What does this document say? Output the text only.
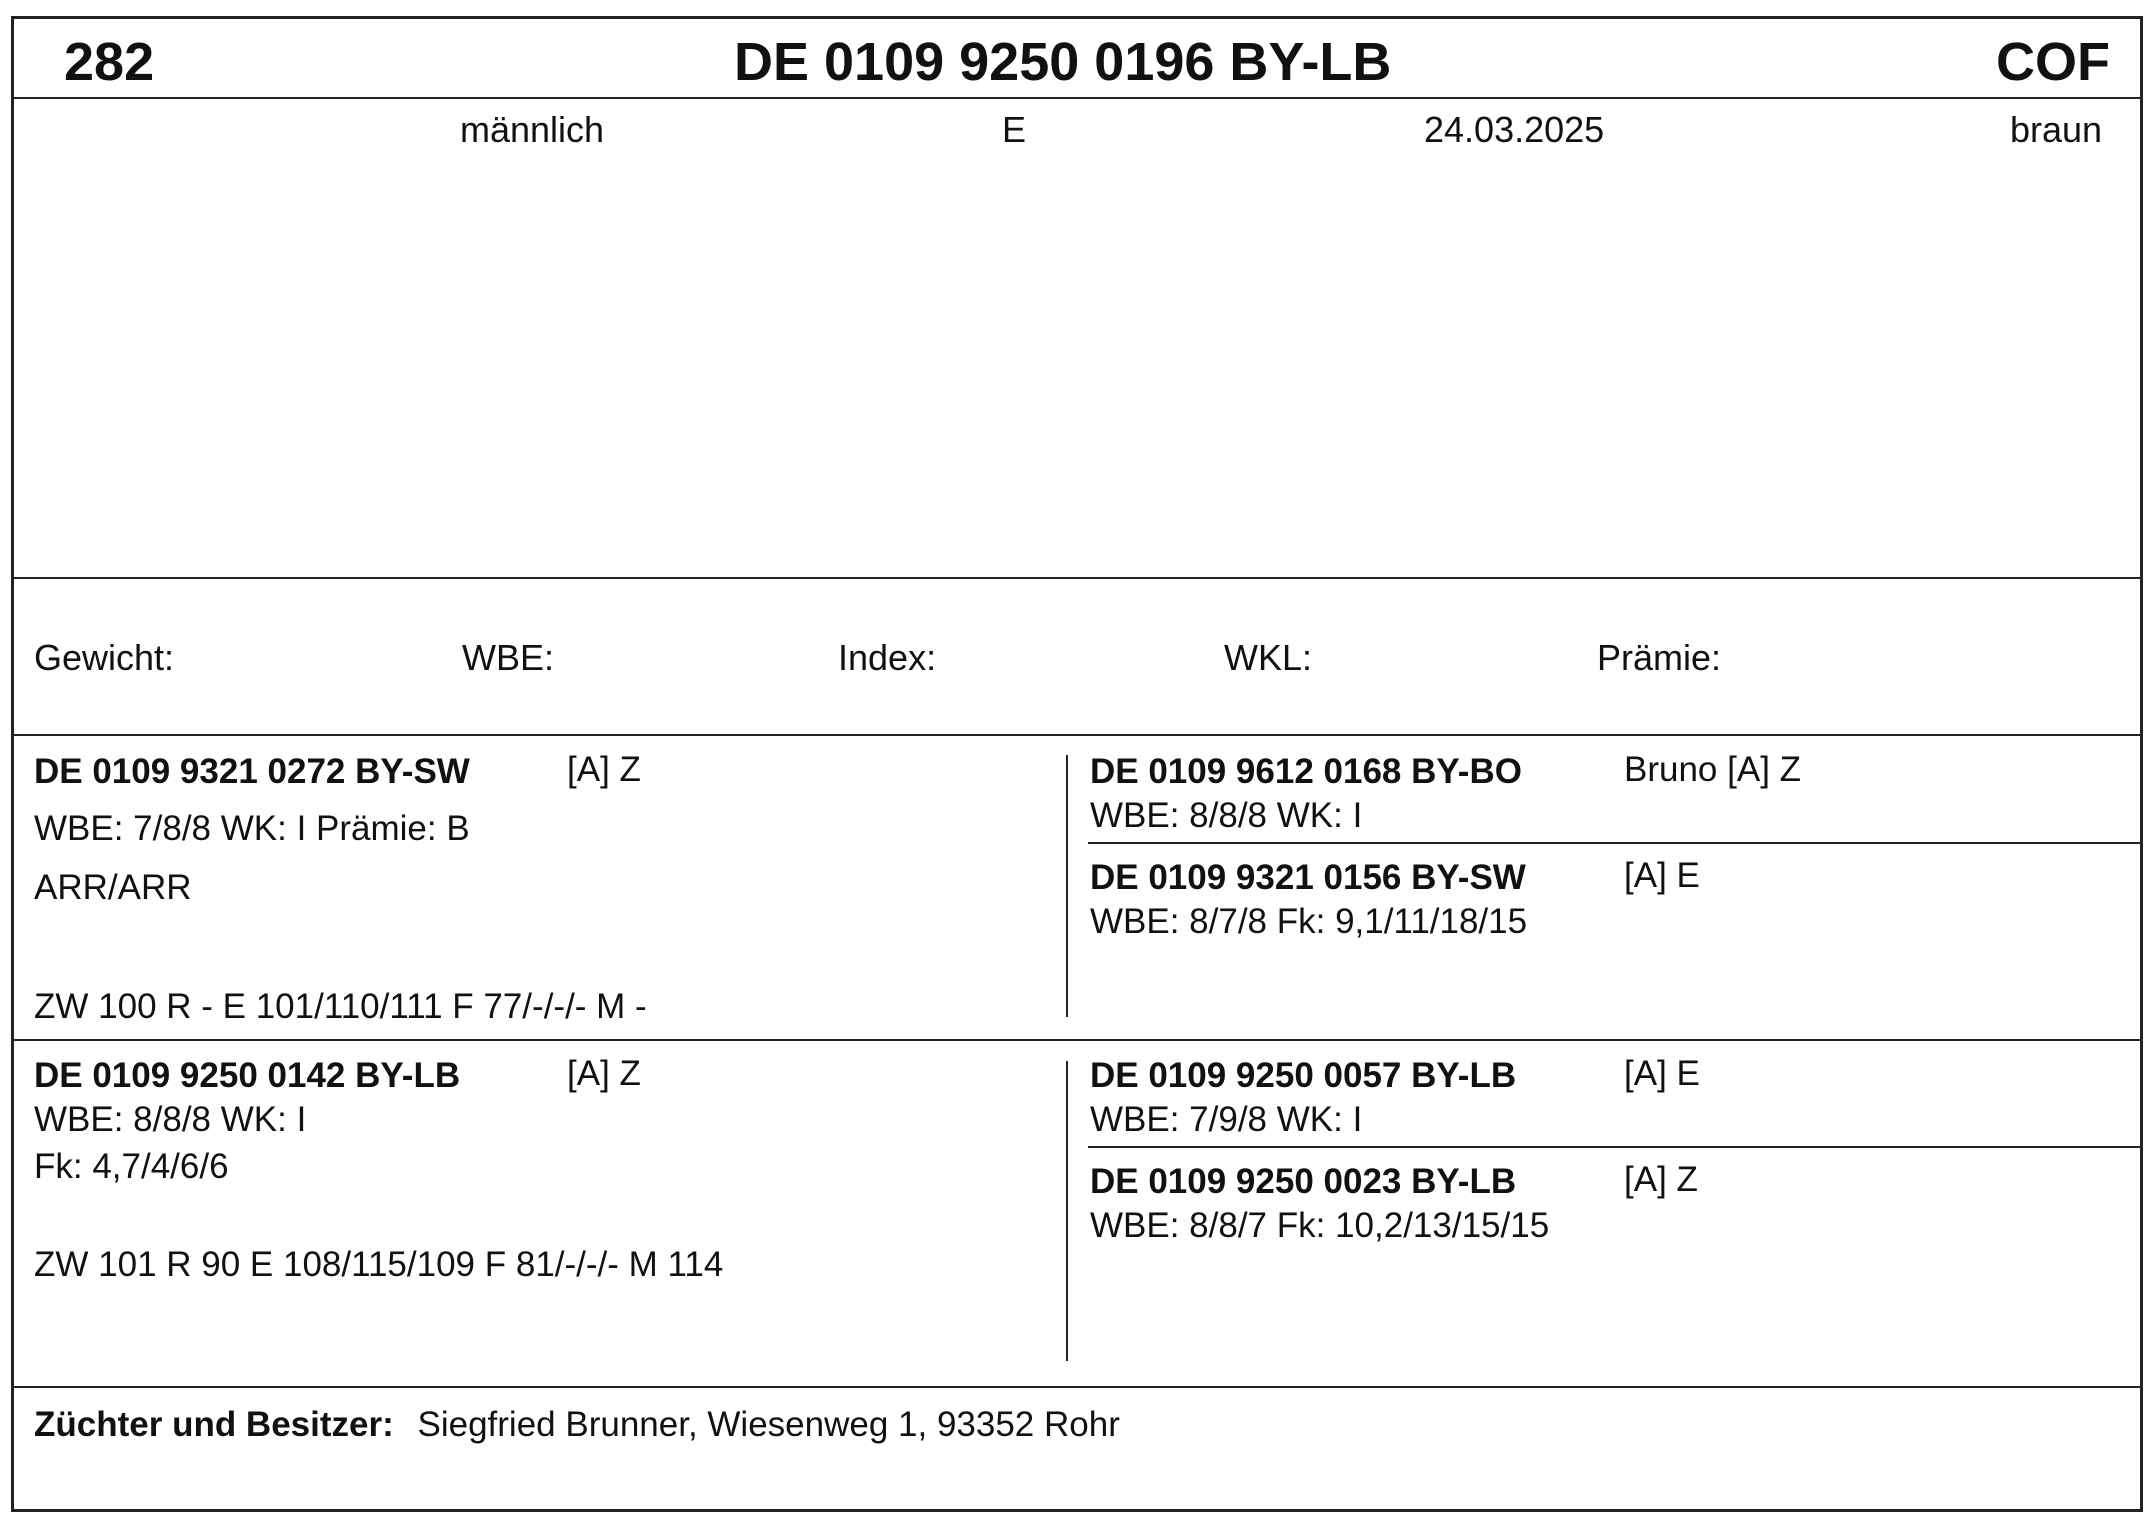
282	DE 0109 9250 0196 BY-LB	COF
männlich	E	24.03.2025	braun
Gewicht:	WBE:	Index:	WKL:	Prämie:
DE 0109 9321 0272 BY-SW	[A] Z
WBE: 7/8/8 WK: I Prämie: B
ARR/ARR
ZW 100 R - E 101/110/111 F 77/-/-/- M -
DE 0109 9612 0168 BY-BO	Bruno [A] Z
WBE: 8/8/8 WK: I
DE 0109 9321 0156 BY-SW	[A] E
WBE: 8/7/8 Fk: 9,1/11/18/15
DE 0109 9250 0142 BY-LB	[A] Z
WBE: 8/8/8 WK: I
Fk: 4,7/4/6/6
ZW 101 R 90 E 108/115/109 F 81/-/-/- M 114
DE 0109 9250 0057 BY-LB	[A] E
WBE: 7/9/8 WK: I
DE 0109 9250 0023 BY-LB	[A] Z
WBE: 8/8/7 Fk: 10,2/13/15/15
Züchter und Besitzer: Siegfried Brunner, Wiesenweg 1, 93352 Rohr
